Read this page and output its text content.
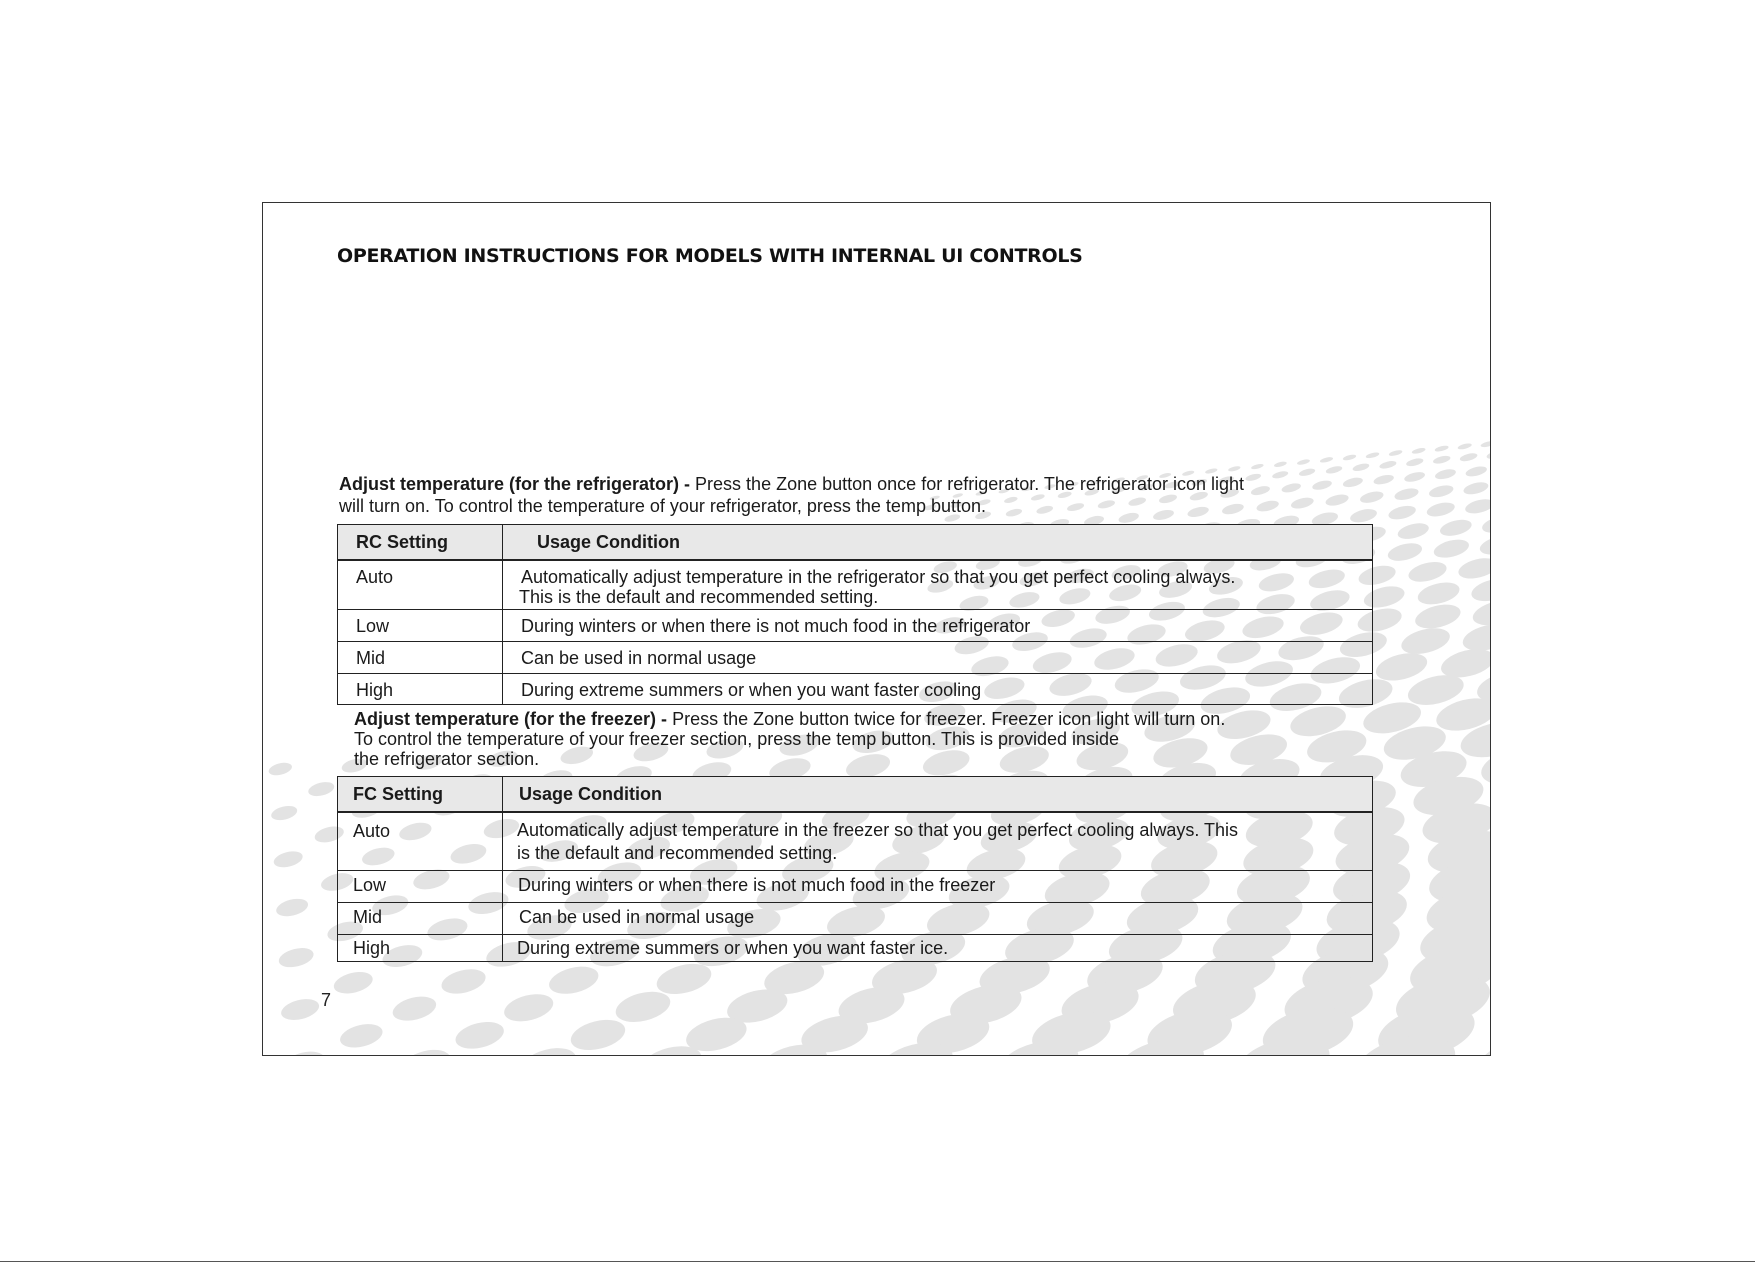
OPERATION INSTRUCTIONS FOR MODELS WITH INTERNAL UI CONTROLS
Adjust temperature (for the refrigerator) - Press the Zone button once for refrigerator. The refrigerator icon light
will turn on. To control the temperature of your refrigerator, press the temp button.
RC Setting	Usage Condition
Auto	Automatically adjust temperature in the refrigerator so that you get perfect cooling always.
This is the default and recommended setting.
Low	During winters or when there is not much food in the refrigerator
Mid	Can be used in normal usage
High	During extreme summers or when you want faster cooling
Adjust temperature (for the freezer) - Press the Zone button twice for freezer. Freezer icon light will turn on.
To control the temperature of your freezer section, press the temp button. This is provided inside
the refrigerator section.
FC Setting	Usage Condition
Auto	Automatically adjust temperature in the freezer so that you get perfect cooling always. This
is the default and recommended setting.
Low	During winters or when there is not much food in the freezer
Mid	Can be used in normal usage
High	During extreme summers or when you want faster ice.
7
